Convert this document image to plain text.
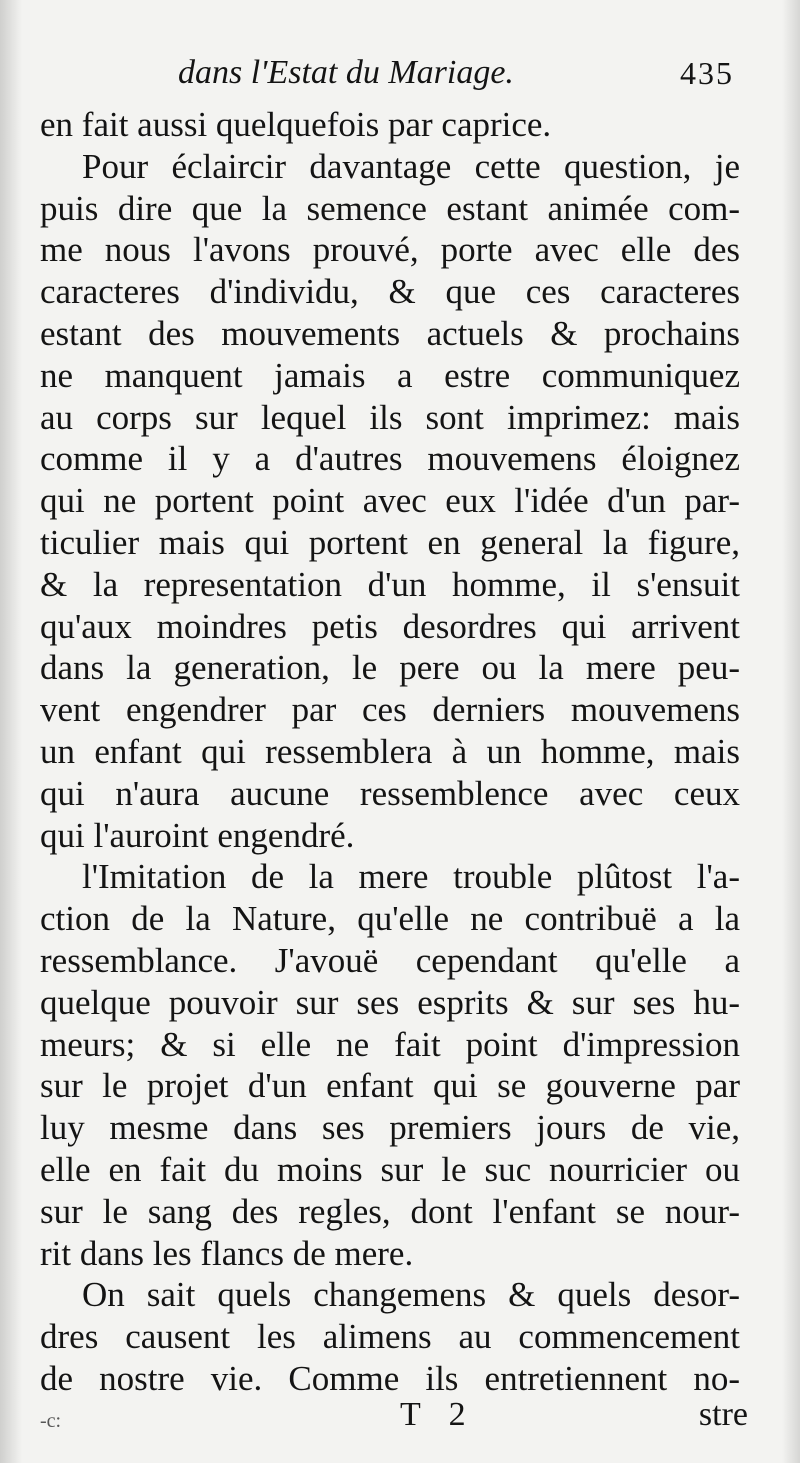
dans l'Estat du Mariage.	435
en fait aussi quelquefois par caprice.
Pour éclaircir davantage cette question, je
puis dire que la semence estant animée com-
me nous l'avons prouvé, porte avec elle des
caracteres d'individu, & que ces caracteres
estant des mouvements actuels & prochains
ne manquent jamais a estre communiquez
au corps sur lequel ils sont imprimez: mais
comme il y a d'autres mouvemens éloignez
qui ne portent point avec eux l'idée d'un par-
ticulier mais qui portent en general la figure,
& la representation d'un homme, il s'ensuit
qu'aux moindres petis desordres qui arrivent
dans la generation, le pere ou la mere peu-
vent engendrer par ces derniers mouvemens
un enfant qui ressemblera à un homme, mais
qui n'aura aucune ressemblence avec ceux
qui l'auroint engendré.
l'Imitation de la mere trouble plûtost l'a-
ction de la Nature, qu'elle ne contribuë a la
ressemblance. J'avouë cependant qu'elle a
quelque pouvoir sur ses esprits & sur ses hu-
meurs; & si elle ne fait point d'impression
sur le projet d'un enfant qui se gouverne par
luy mesme dans ses premiers jours de vie,
elle en fait du moins sur le suc nourricier ou
sur le sang des regles, dont l'enfant se nour-
rit dans les flancs de mere.
On sait quels changemens & quels desor-
dres causent les alimens au commencement
de nostre vie. Comme ils entretiennent no-
-c:	T 2	stre
